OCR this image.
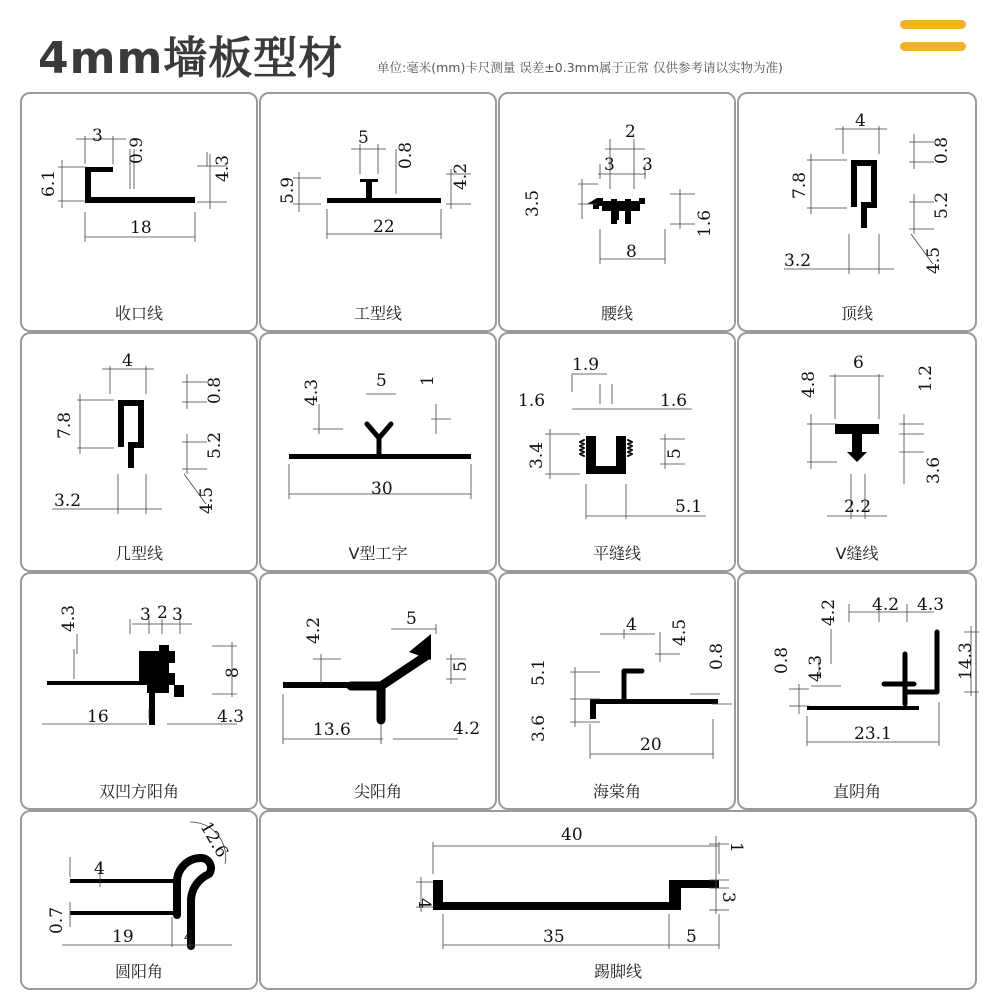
4mm墙板型材	单位:毫米(mm)卡尺测量 误差±0.3mm属于正常 仅供参考请以实物为准)
3
0.9
6.1
4.3
18
收口线
5
0.8
5.9
4.2
22
工型线
2
3 3
3.5
1.6
8
腰线
4
0.8
7.8
5.2
3.2	4.5
顶线
4
0.8
7.8
5.2
3.2	4.5
几型线
4.3	5 1
30
V型工字
1.9
1.6	1.6
3.4	5
5.1
平缝线
4.8
6
1.2
3.6
2.2
V缝线
4.3	3 2 3
8
16	4.3
双凹方阳角
4.2	5
5
13.6	4.2
尖阳角
4 4.5
0.8
5.1
3.6
20
海棠角
4.2 4.2 4.3
0.8 4.3	14.3
23.1
直阴角
12.6
4
0.7
19	4
圆阳角
40
1
4
3
35	5
踢脚线
